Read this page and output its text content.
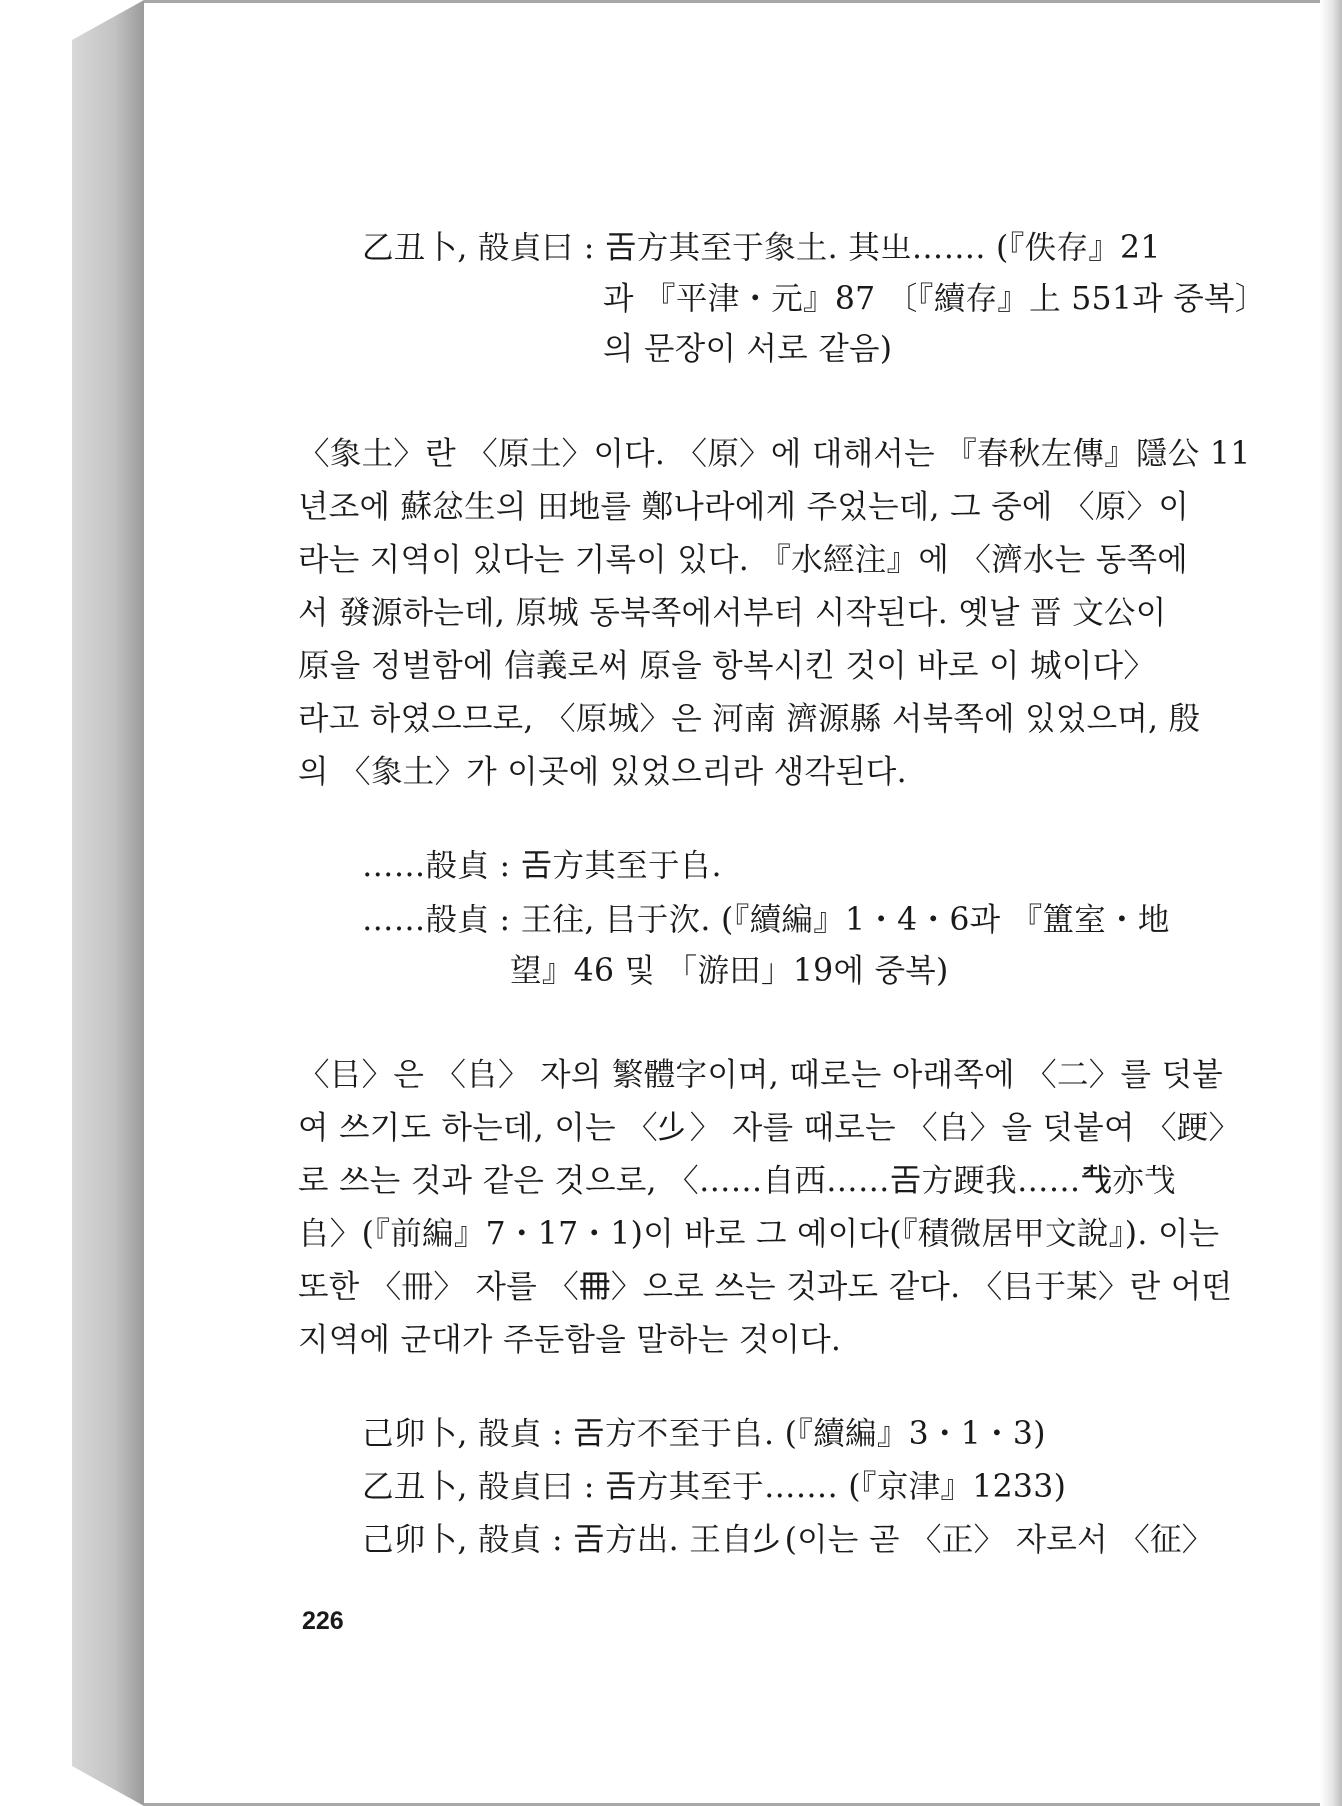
乙丑卜, 㱿貞曰 : 𢀛方其至于𧰼土. 其㞢……. (『佚存』21

과 『平津・元』87 〔『續存』上 551과 중복〕

의 문장이 서로 같음)

〈𧰼土〉란 〈原土〉이다. 〈原〉에 대해서는 『春秋左傳』隱公 11

년조에 蘇忿生의 田地를 鄭나라에게 주었는데, 그 중에 〈原〉이

라는 지역이 있다는 기록이 있다. 『水經注』에 〈濟水는 동쪽에

서 發源하는데, 原城 동북쪽에서부터 시작된다. 옛날 晋 文公이

原을 정벌함에 信義로써 原을 항복시킨 것이 바로 이 城이다〉

라고 하였으므로, 〈原城〉은 河南 濟源縣 서북쪽에 있었으며, 殷

의 〈𧰼土〉가 이곳에 있었으리라 생각된다.

……㱿貞 : 𢀛方其至于𠂤.

……㱿貞 : 王往, 㠯于㳄. (『續編』1・4・6과 『簠室・地

望』46 및 「游田」19에 중복)

〈㠯〉은 〈𠂤〉 자의 繁體字이며, 때로는 아래쪽에 〈二〉를 덧붙

여 쓰기도 하는데, 이는 〈𣥂〉 자를 때로는 〈𠂤〉을 덧붙여 〈𨁈〉

로 쓰는 것과 같은 것으로, 〈……自西……𢀛方𨁈我……𢦔亦𢦏

𠂤〉(『前編』7・17・1)이 바로 그 예이다(『積微居甲文說』). 이는

또한 〈冊〉 자를 〈𠕋〉으로 쓰는 것과도 같다. 〈㠯于某〉란 어떤

지역에 군대가 주둔함을 말하는 것이다.

己卯卜, 㱿貞 : 𢀛方不至于𠂤. (『續編』3・1・3)

乙丑卜, 㱿貞曰 : 𢀛方其至于……. (『京津』1233)

己卯卜, 㱿貞 : 𢀛方出. 王自𣥂(이는 곧 〈正〉 자로서 〈征〉

226
